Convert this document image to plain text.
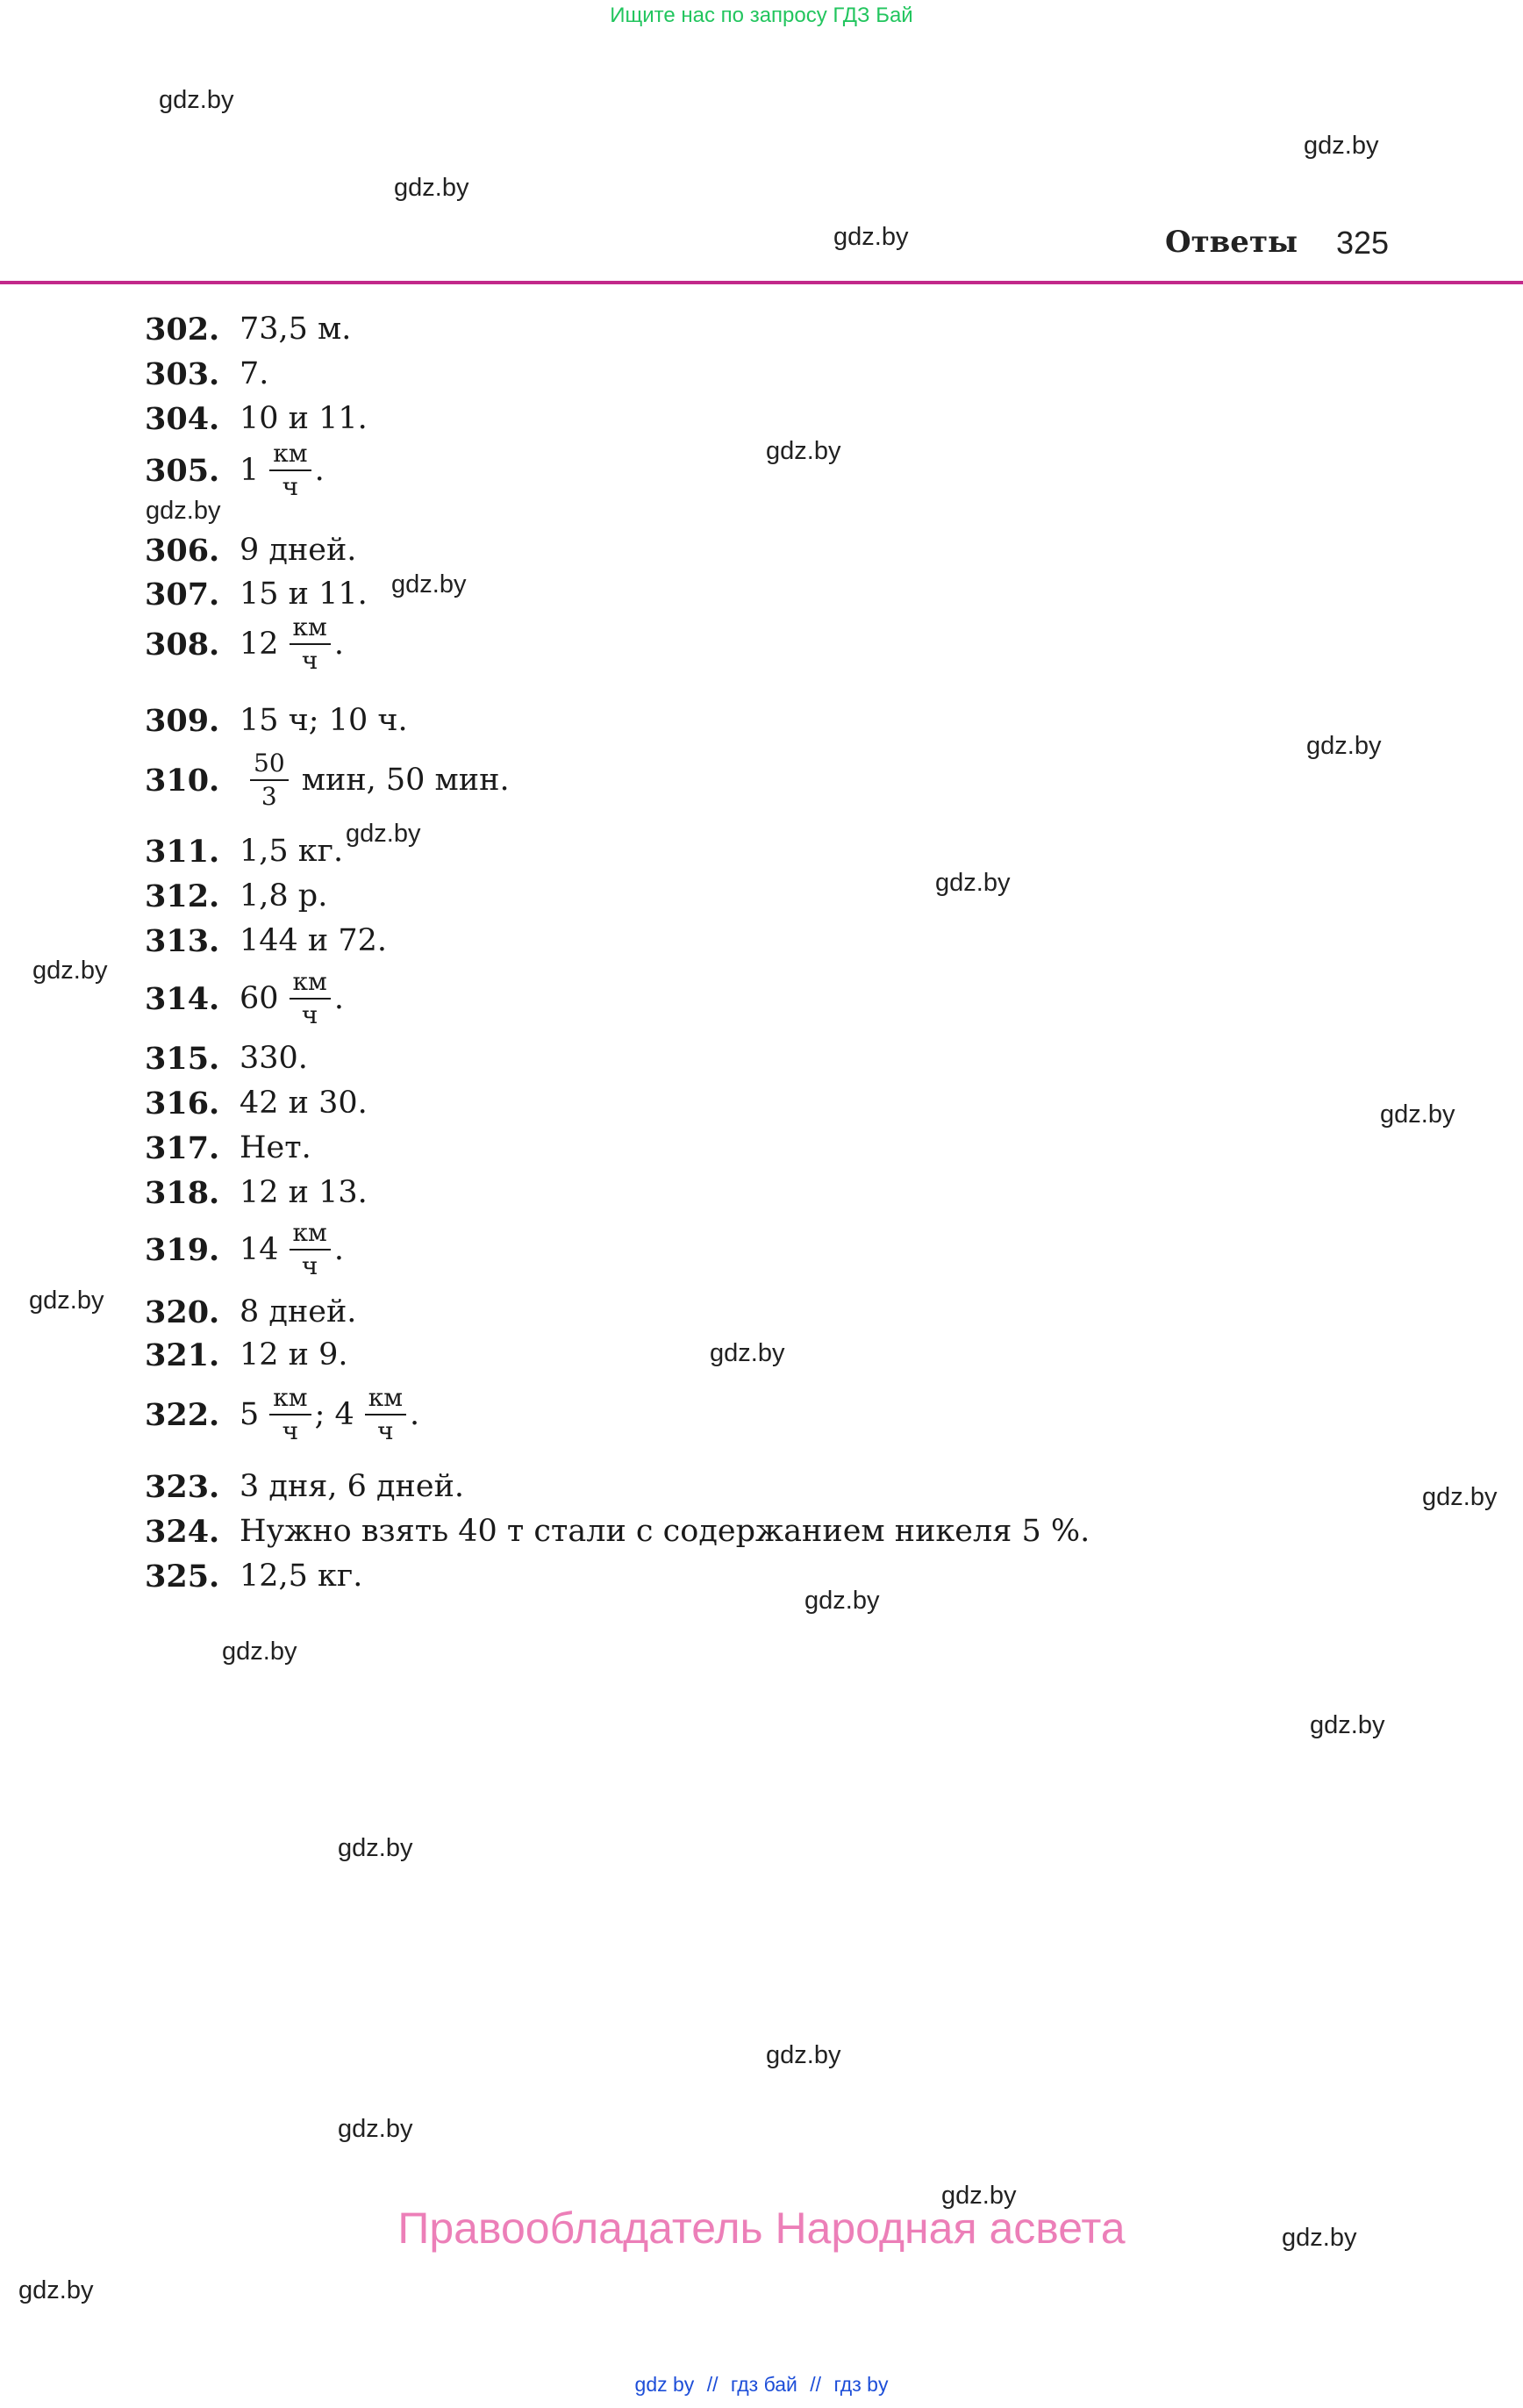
Ищите нас по запросу ГДЗ Бай
Ответы 325
302. 73,5 м.
303. 7.
304. 10 и 11.
305. $1 \frac{км}{ч}$ .
306. 9 дней.
307. 15 и 11.
308. $12 \frac{км}{ч}$ .
309. 15 ч; 10 ч.
310.	$\frac{50}{3}$ мин, 50 мин.
311. 1,5 кг.
312. 1,8 р.
313. 144 и 72.
314. $60 \frac{км}{ч}$ .
315. 330.
316. 42 и 30.
317. Нет.
318. 12 и 13.
319. $14 \frac{км}{ч}$ .
320. 8 дней.
321. 12 и 9.
322. $5 \frac{км}{ч}$ ; $4 \frac{км}{ч}$ .
323. 3 дня, 6 дней.
324. Нужно взять 40 т стали с содержанием никеля 5 %.
325. 12,5 кг.
gdz.by
gdz.by
gdz.by
gdz.by
gdz.by
gdz.by
gdz.by
gdz.by
gdz.by
gdz.by
gdz.by
gdz.by
gdz.by
gdz.by
gdz.by
gdz.by
gdz.by
gdz.by
gdz.by
gdz.by
gdz.by
gdz.by
gdz.by
gdz.by
Правообладатель Народная асвета
gdz by // гдз бай // гдз by
